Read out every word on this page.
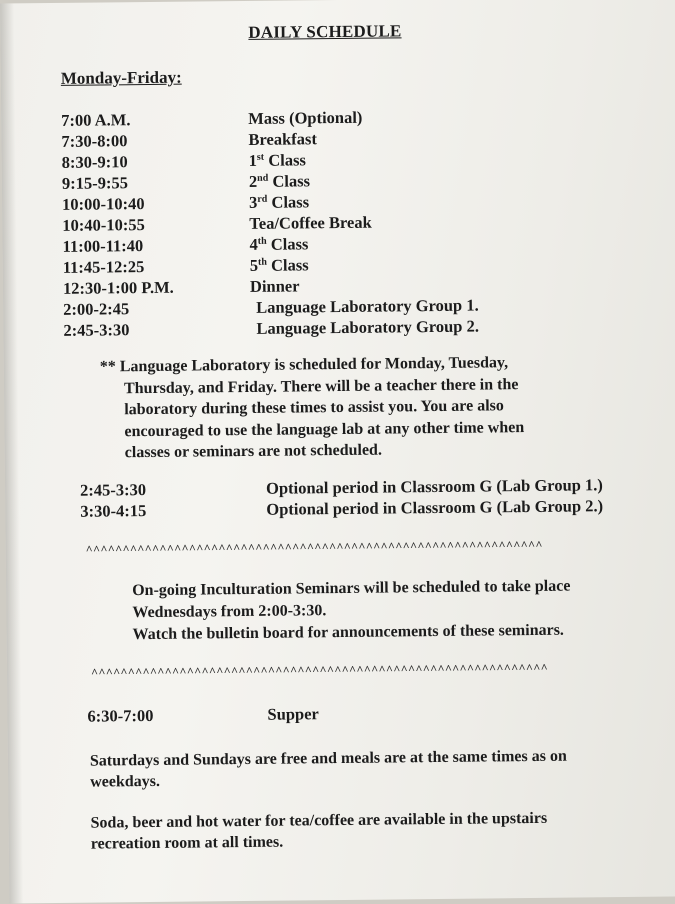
DAILY SCHEDULE
Monday-Friday:
7:00 A.M.	Mass (Optional)
7:30-8:00	Breakfast
8:30-9:10	1st Class
9:15-9:55	2nd Class
10:00-10:40	3rd Class
10:40-10:55	Tea/Coffee Break
11:00-11:40	4th Class
11:45-12:25	5th Class
12:30-1:00 P.M.	Dinner
2:00-2:45	Language Laboratory Group 1.
2:45-3:30	Language Laboratory Group 2.
** Language Laboratory is scheduled for Monday, Tuesday,
Thursday, and Friday. There will be a teacher there in the
laboratory during these times to assist you. You are also
encouraged to use the language lab at any other time when
classes or seminars are not scheduled.
2:45-3:30	Optional period in Classroom G (Lab Group 1.)
3:30-4:15	Optional period in Classroom G (Lab Group 2.)
^^^^^^^^^^^^^^^^^^^^^^^^^^^^^^^^^^^^^^^^^^^^^^^^^^^^^^^^^^^^^^
On-going Inculturation Seminars will be scheduled to take place
Wednesdays from 2:00-3:30.
Watch the bulletin board for announcements of these seminars.
^^^^^^^^^^^^^^^^^^^^^^^^^^^^^^^^^^^^^^^^^^^^^^^^^^^^^^^^^^^^^^
6:30-7:00	Supper
Saturdays and Sundays are free and meals are at the same times as on
weekdays.
Soda, beer and hot water for tea/coffee are available in the upstairs
recreation room at all times.
